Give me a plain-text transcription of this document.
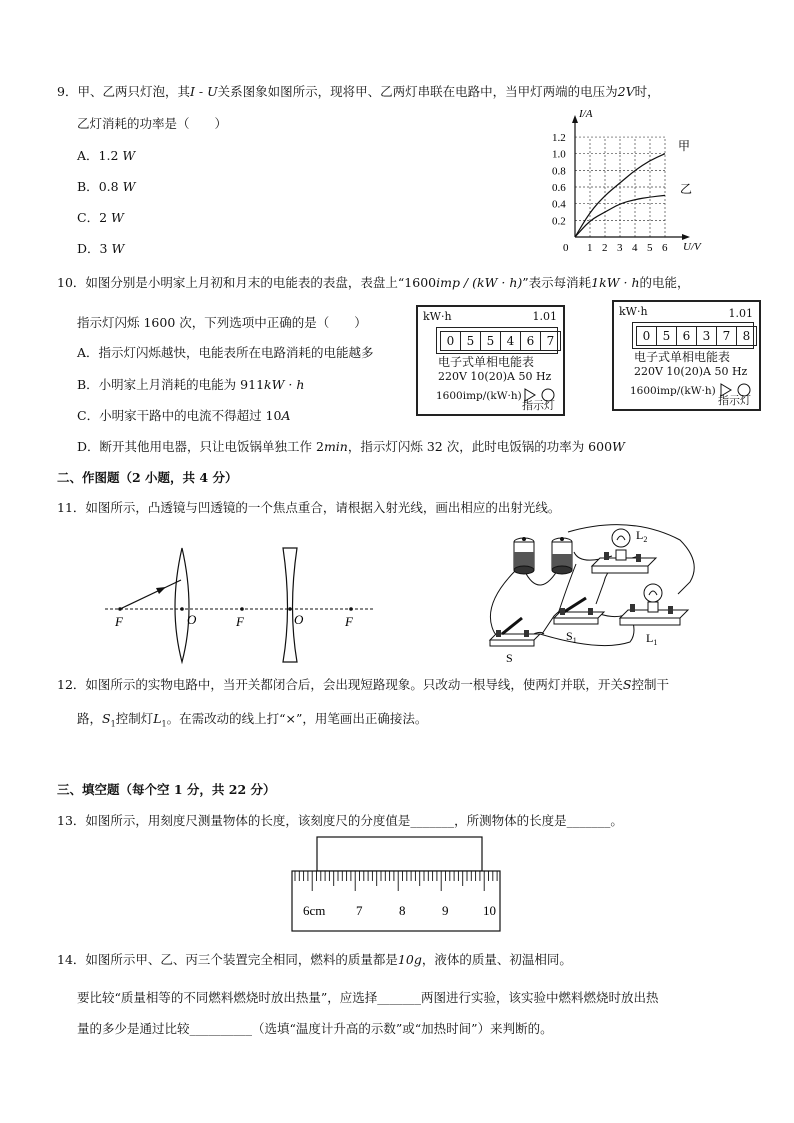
9．甲、乙两只灯泡，其I - U关系图象如图所示，现将甲、乙两灯串联在电路中，当甲灯两端的电压为2V时，
乙灯消耗的功率是（　　）
A．1.2 W
B．0.8 W
C．2 W
D．3 W
I/A
U/V
1.2
1.0
0.8
0.6
0.4
0.2
0 1 2 3 4 5 6
甲
乙
10．如图分别是小明家上月初和月末的电能表的表盘，表盘上“1600imp / (kW · h)”表示每消耗1kW · h的电能，
指示灯闪烁 1600 次，下列选项中正确的是（　　）
A．指示灯闪烁越快，电能表所在电路消耗的电能越多
B．小明家上月消耗的电能为 911kW · h
C．小明家干路中的电流不得超过 10A
D．断开其他用电器，只让电饭锅单独工作 2min，指示灯闪烁 32 次，此时电饭锅的功率为 600W
kW·h	1.01
0	5	5	4	6	7
电子式单相电能表
220V 10(20)A 50 Hz
1600imp/(kW·h)
指示灯
kW·h	1.01
0	5	6	3	7	8
电子式单相电能表
220V 10(20)A 50 Hz
1600imp/(kW·h)
指示灯
二、作图题（2 小题，共 4 分）
11．如图所示，凸透镜与凹透镜的一个焦点重合，请根据入射光线，画出相应的出射光线。
F	O	F	O	F
$L_2$
$L_1$
$S_1$
S
12．如图所示的实物电路中，当开关都闭合后，会出现短路现象。只改动一根导线，使两灯并联，开关S控制干
路，$S_1$控制灯$L_1$。在需改动的线上打“×”，用笔画出正确接法。
三、填空题（每个空 1 分，共 22 分）
13．如图所示，用刻度尺测量物体的长度，该刻度尺的分度值是_______，所测物体的长度是_______。
6cm 7	8	9	10
14．如图所示甲、乙、丙三个装置完全相同，燃料的质量都是10g，液体的质量、初温相同。
要比较“质量相等的不同燃料燃烧时放出热量”，应选择_______两图进行实验，该实验中燃料燃烧时放出热
量的多少是通过比较__________（选填“温度计升高的示数”或“加热时间”）来判断的。
